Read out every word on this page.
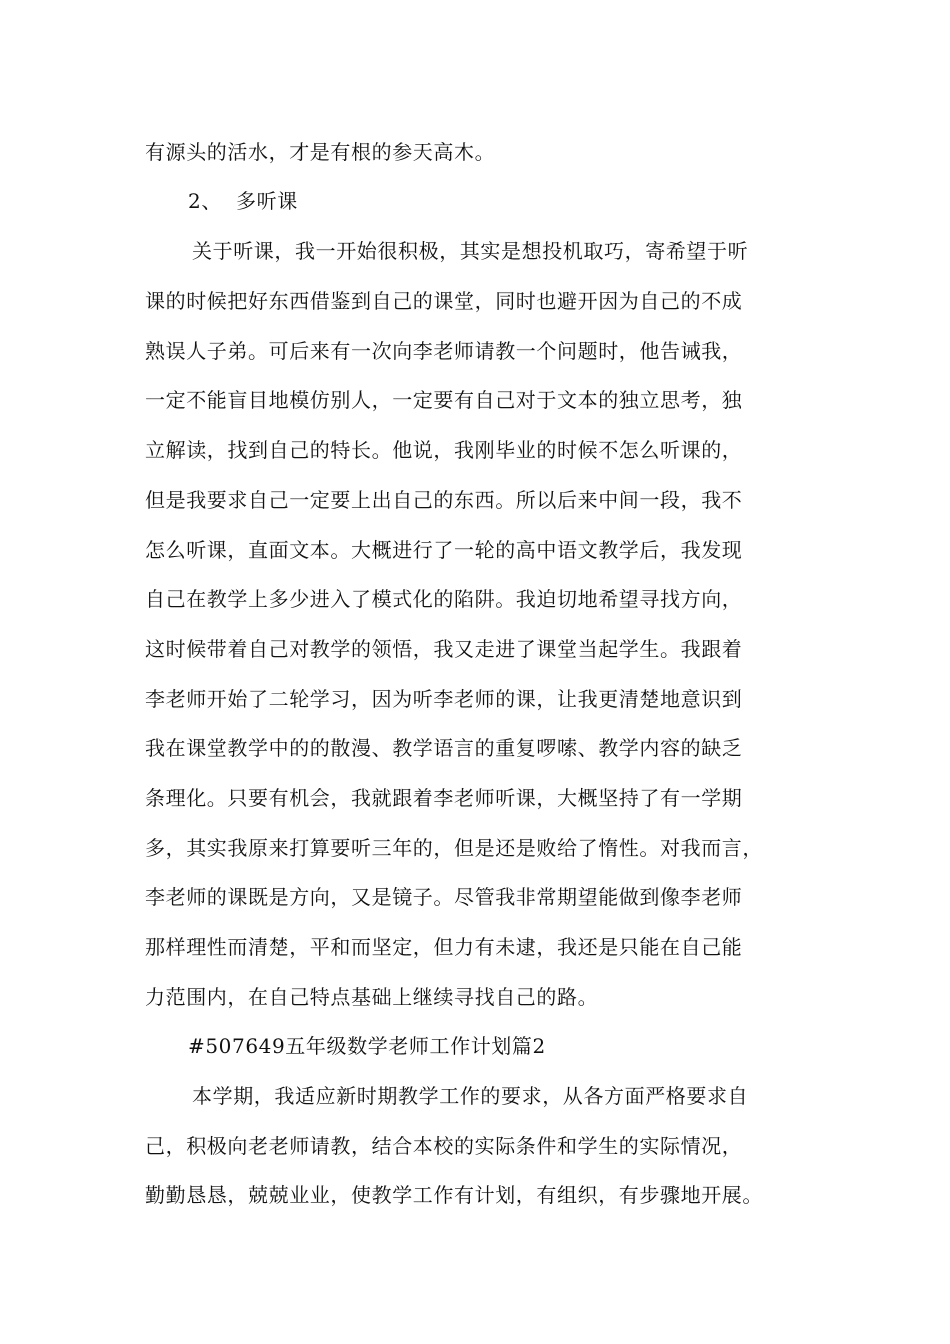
有源头的活水，才是有根的参天高木。
2、 多听课
关于听课，我一开始很积极，其实是想投机取巧，寄希望于听
课的时候把好东西借鉴到自己的课堂，同时也避开因为自己的不成
熟误人子弟。可后来有一次向李老师请教一个问题时，他告诫我，
一定不能盲目地模仿别人，一定要有自己对于文本的独立思考，独
立解读，找到自己的特长。他说，我刚毕业的时候不怎么听课的，
但是我要求自己一定要上出自己的东西。所以后来中间一段，我不
怎么听课，直面文本。大概进行了一轮的高中语文教学后，我发现
自己在教学上多少进入了模式化的陷阱。我迫切地希望寻找方向，
这时候带着自己对教学的领悟，我又走进了课堂当起学生。我跟着
李老师开始了二轮学习，因为听李老师的课，让我更清楚地意识到
我在课堂教学中的的散漫、教学语言的重复啰嗦、教学内容的缺乏
条理化。只要有机会，我就跟着李老师听课，大概坚持了有一学期
多，其实我原来打算要听三年的，但是还是败给了惰性。对我而言，
李老师的课既是方向，又是镜子。尽管我非常期望能做到像李老师
那样理性而清楚，平和而坚定，但力有未逮，我还是只能在自己能
力范围内，在自己特点基础上继续寻找自己的路。
#507649五年级数学老师工作计划篇2
本学期，我适应新时期教学工作的要求，从各方面严格要求自
己，积极向老老师请教，结合本校的实际条件和学生的实际情况，
勤勤恳恳，兢兢业业，使教学工作有计划，有组织，有步骤地开展。
